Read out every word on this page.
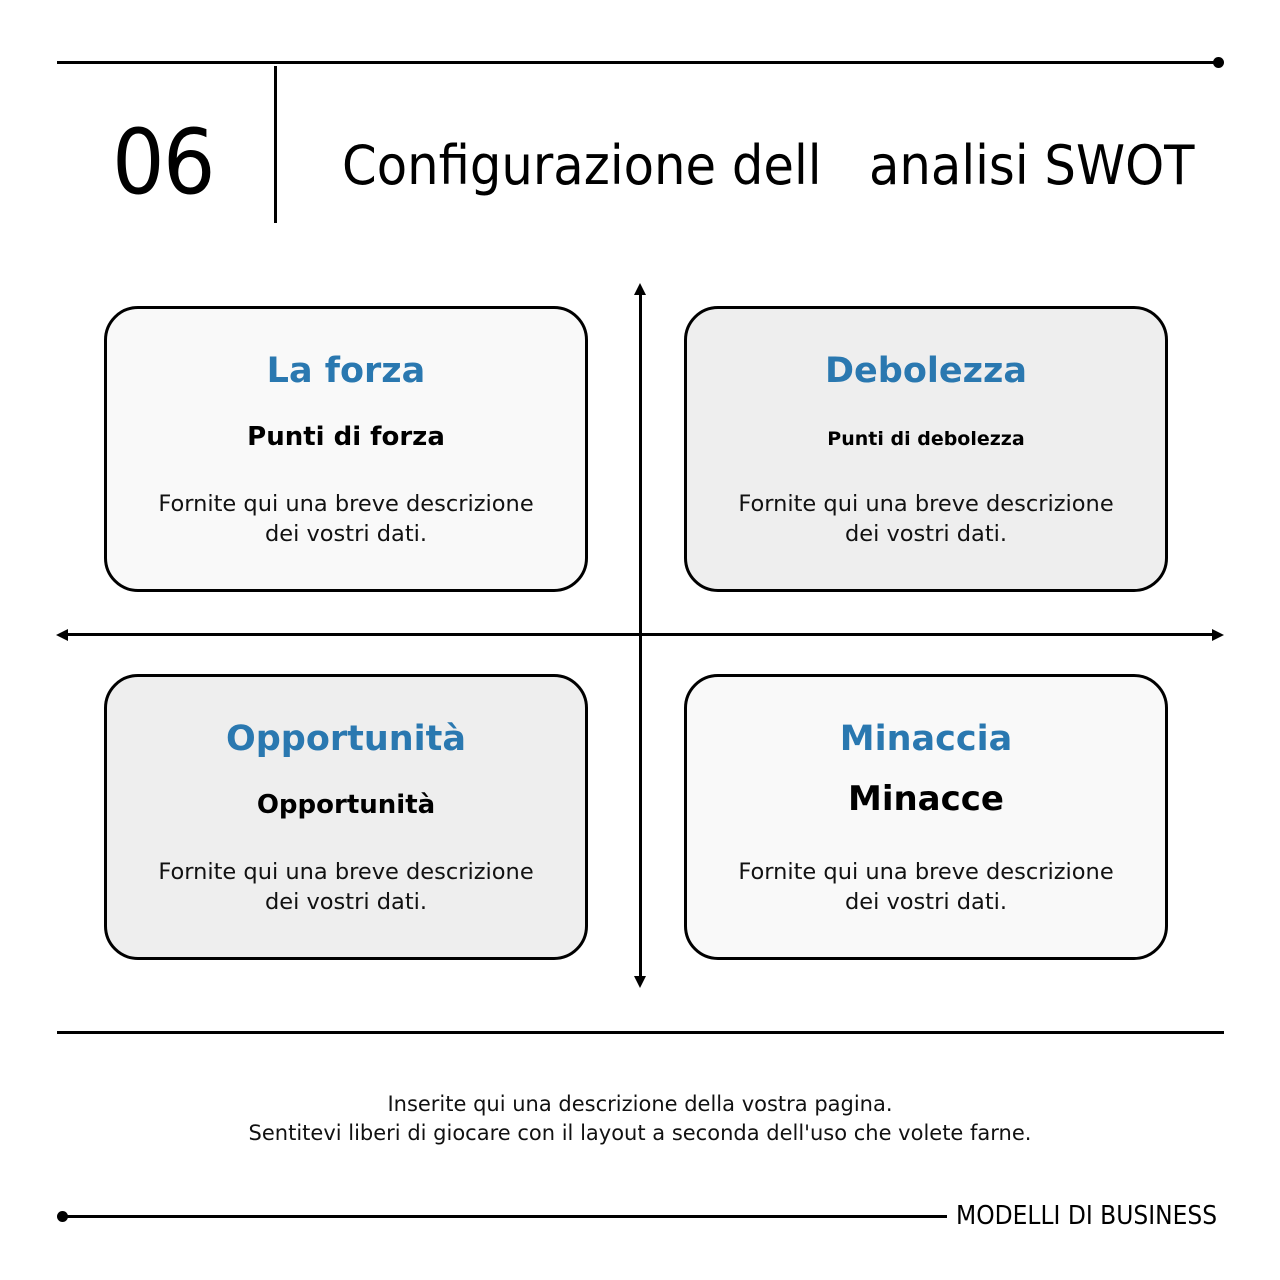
06 Configurazione dell   analisi SWOT
La forza
Punti di forza
Fornite qui una breve descrizione
dei vostri dati.
Debolezza
Punti di debolezza
Fornite qui una breve descrizione
dei vostri dati.
Opportunità
Opportunità
Fornite qui una breve descrizione
dei vostri dati.
Minaccia
Minacce
Fornite qui una breve descrizione
dei vostri dati.
Inserite qui una descrizione della vostra pagina.
Sentitevi liberi di giocare con il layout a seconda dell'uso che volete farne.
MODELLI DI BUSINESS
